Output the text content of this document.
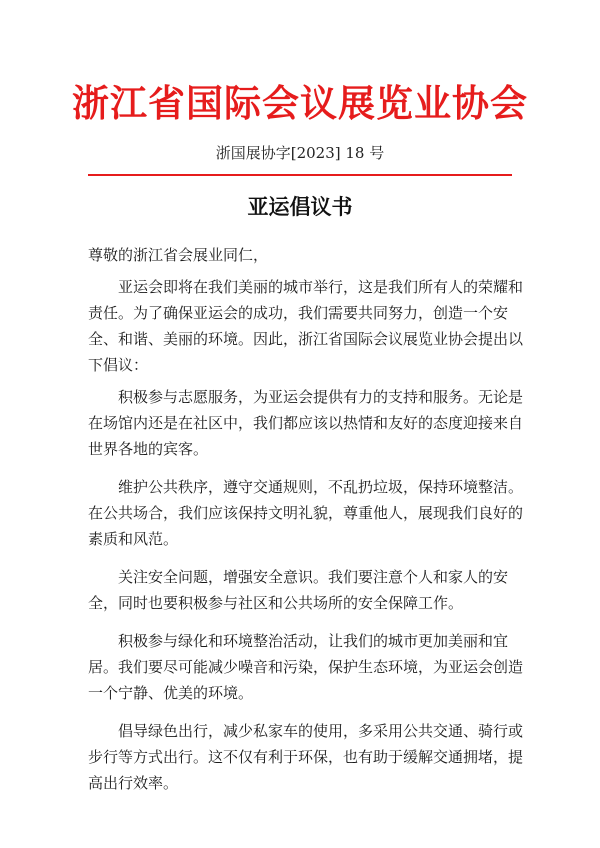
浙江省国际会议展览业协会
浙国展协字[2023] 18 号
亚运倡议书

尊敬的浙江省会展业同仁，

亚运会即将在我们美丽的城市举行，这是我们所有人的荣耀和责任。为了确保亚运会的成功，我们需要共同努力，创造一个安全、和谐、美丽的环境。因此，浙江省国际会议展览业协会提出以下倡议：

积极参与志愿服务，为亚运会提供有力的支持和服务。无论是在场馆内还是在社区中，我们都应该以热情和友好的态度迎接来自世界各地的宾客。

维护公共秩序，遵守交通规则，不乱扔垃圾，保持环境整洁。在公共场合，我们应该保持文明礼貌，尊重他人，展现我们良好的素质和风范。

关注安全问题，增强安全意识。我们要注意个人和家人的安全，同时也要积极参与社区和公共场所的安全保障工作。

积极参与绿化和环境整治活动，让我们的城市更加美丽和宜居。我们要尽可能减少噪音和污染，保护生态环境，为亚运会创造一个宁静、优美的环境。

倡导绿色出行，减少私家车的使用，多采用公共交通、骑行或步行等方式出行。这不仅有利于环保，也有助于缓解交通拥堵，提高出行效率。
